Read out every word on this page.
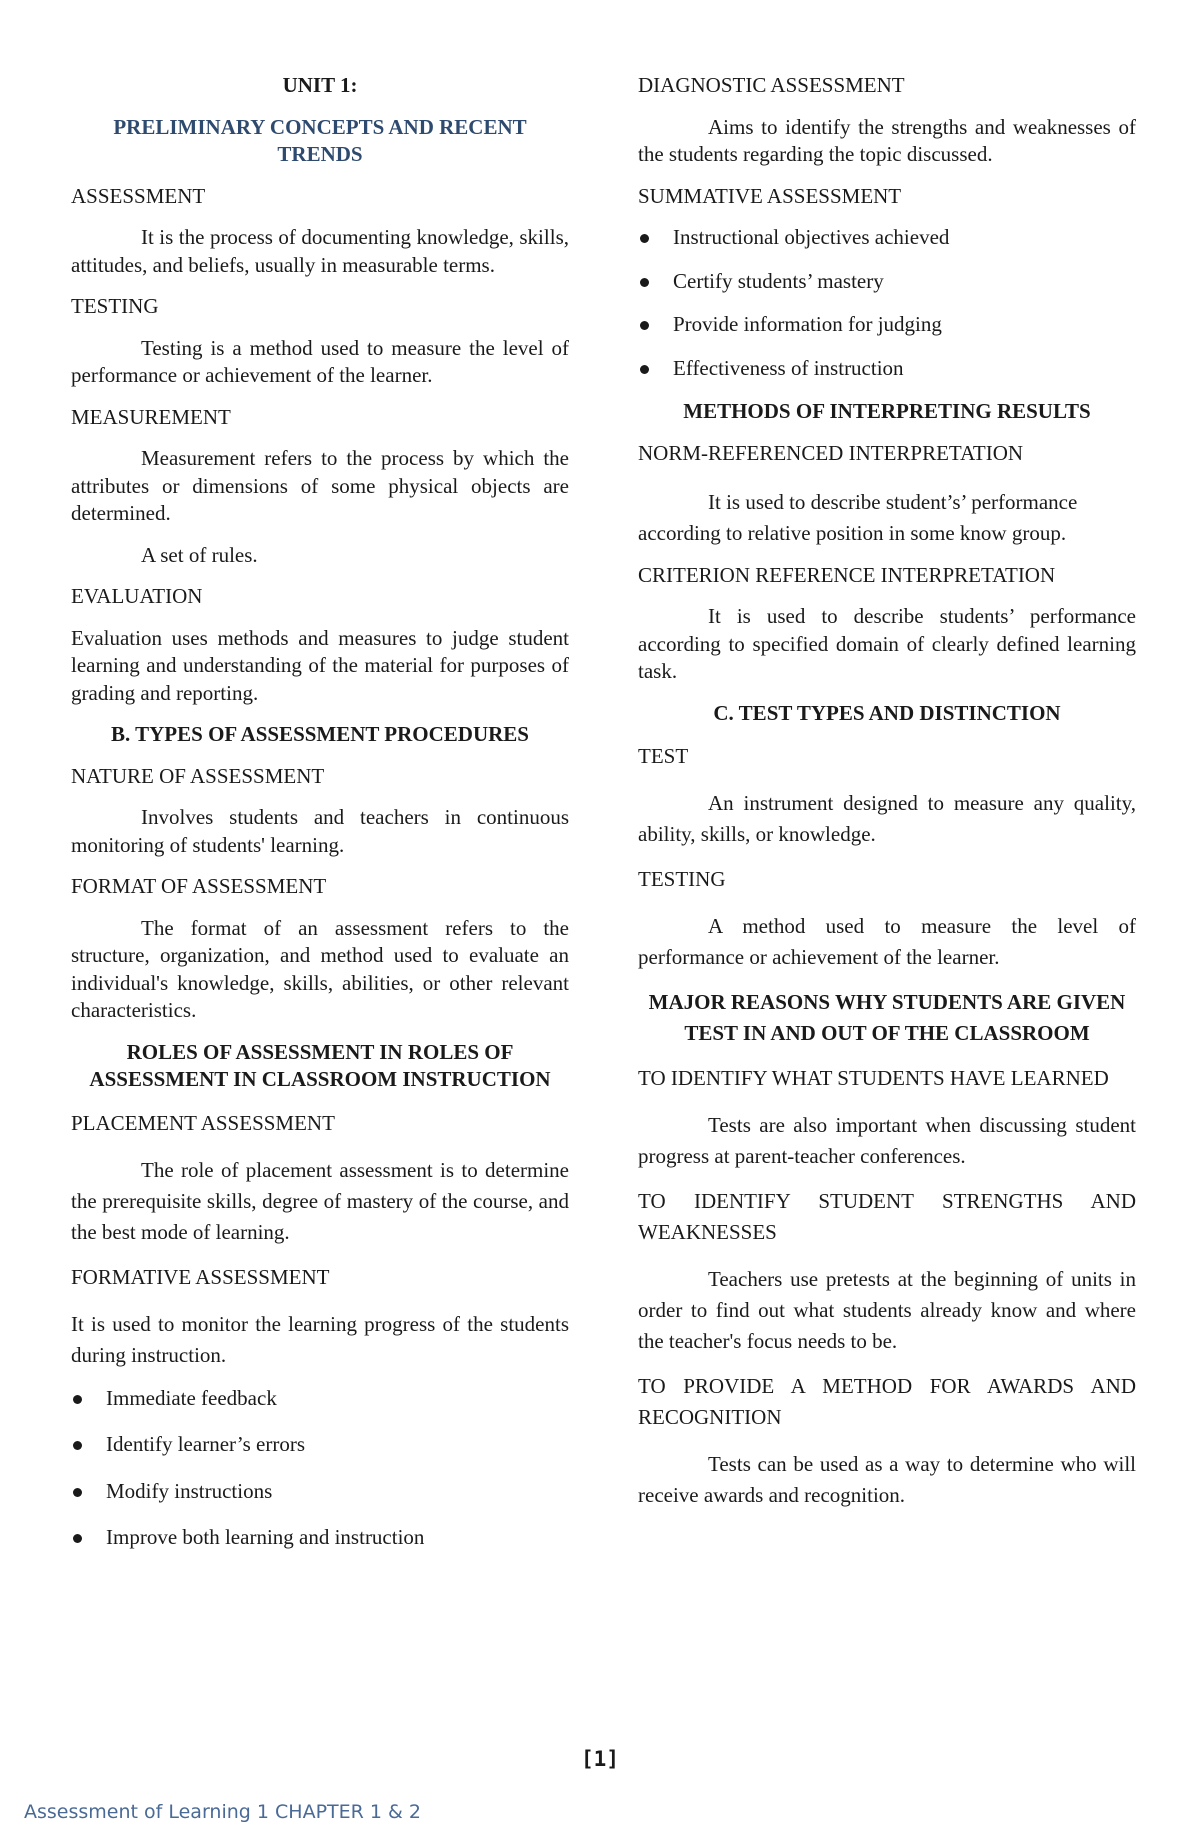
UNIT 1:

PRELIMINARY CONCEPTS AND RECENT TRENDS

ASSESSMENT

It is the process of documenting knowledge, skills, attitudes, and beliefs, usually in measurable terms.

TESTING

Testing is a method used to measure the level of performance or achievement of the learner.

MEASUREMENT

Measurement refers to the process by which the attributes or dimensions of some physical objects are determined.

A set of rules.

EVALUATION

Evaluation uses methods and measures to judge student learning and understanding of the material for purposes of grading and reporting.

B. TYPES OF ASSESSMENT PROCEDURES

NATURE OF ASSESSMENT

Involves students and teachers in continuous monitoring of students' learning.

FORMAT OF ASSESSMENT

The format of an assessment refers to the structure, organization, and method used to evaluate an individual's knowledge, skills, abilities, or other relevant characteristics.

ROLES OF ASSESSMENT IN ROLES OF ASSESSMENT IN CLASSROOM INSTRUCTION

PLACEMENT ASSESSMENT

The role of placement assessment is to determine the prerequisite skills, degree of mastery of the course, and the best mode of learning.

FORMATIVE ASSESSMENT

It is used to monitor the learning progress of the students during instruction.

Immediate feedback
Identify learner’s errors
Modify instructions
Improve both learning and instruction

DIAGNOSTIC ASSESSMENT

Aims to identify the strengths and weaknesses of the students regarding the topic discussed.

SUMMATIVE ASSESSMENT

Instructional objectives achieved
Certify students’ mastery
Provide information for judging
Effectiveness of instruction

METHODS OF INTERPRETING RESULTS

NORM-REFERENCED INTERPRETATION

It is used to describe student’s’ performance

according to relative position in some know group.

CRITERION REFERENCE INTERPRETATION

It is used to describe students’ performance according to specified domain of clearly defined learning task.

C. TEST TYPES AND DISTINCTION

TEST

An instrument designed to measure any quality, ability, skills, or knowledge.

TESTING

A method used to measure the level of performance or achievement of the learner.

MAJOR REASONS WHY STUDENTS ARE GIVEN TEST IN AND OUT OF THE CLASSROOM

TO IDENTIFY WHAT STUDENTS HAVE LEARNED

Tests are also important when discussing student progress at parent-teacher conferences.

TO IDENTIFY STUDENT STRENGTHS AND WEAKNESSES

Teachers use pretests at the beginning of units in order to find out what students already know and where the teacher's focus needs to be.

TO PROVIDE A METHOD FOR AWARDS AND RECOGNITION

Tests can be used as a way to determine who will receive awards and recognition.

[1]
Assessment of Learning 1 CHAPTER 1 & 2
